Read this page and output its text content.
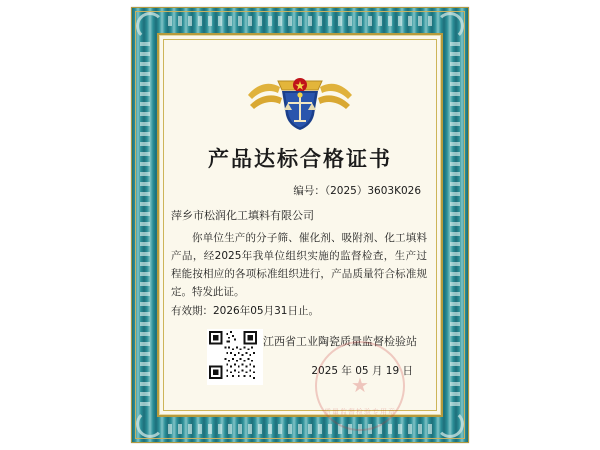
产品达标合格证书
编号：（2025）3603K026
萍乡市松润化工填料有限公司
你单位生产的分子筛、催化剂、吸附剂、化工填料产品，经2025年我单位组织实施的监督检查，生产过程能按相应的各项标准组织进行，产品质量符合标准规定。特发此证。
有效期：2026年05月31日止。
江西省工业陶瓷质量监督检验站
2025 年 05 月 19 日
★
质量监督检验专用章
